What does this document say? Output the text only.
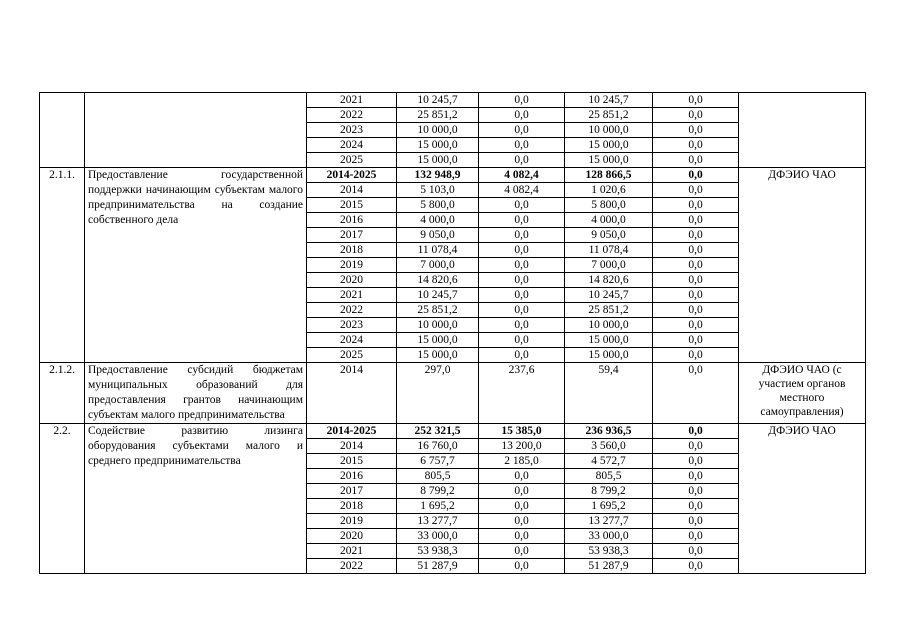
		2021	10 245,7	0,0	10 245,7	0,0	
		2022	25 851,2	0,0	25 851,2	0,0	
		2023	10 000,0	0,0	10 000,0	0,0	
		2024	15 000,0	0,0	15 000,0	0,0	
		2025	15 000,0	0,0	15 000,0	0,0	
2.1.1.	Предоставление государственной поддержки начинающим субъектам малого предпринимательства на создание собственного дела	2014-2025	132 948,9	4 082,4	128 866,5	0,0	ДФЭИО ЧАО
		2014	5 103,0	4 082,4	1 020,6	0,0	
		2015	5 800,0	0,0	5 800,0	0,0	
		2016	4 000,0	0,0	4 000,0	0,0	
		2017	9 050,0	0,0	9 050,0	0,0	
		2018	11 078,4	0,0	11 078,4	0,0	
		2019	7 000,0	0,0	7 000,0	0,0	
		2020	14 820,6	0,0	14 820,6	0,0	
		2021	10 245,7	0,0	10 245,7	0,0	
		2022	25 851,2	0,0	25 851,2	0,0	
		2023	10 000,0	0,0	10 000,0	0,0	
		2024	15 000,0	0,0	15 000,0	0,0	
		2025	15 000,0	0,0	15 000,0	0,0	
2.1.2.	Предоставление субсидий бюджетам муниципальных образований для предоставления грантов начинающим субъектам малого предпринимательства	2014	297,0	237,6	59,4	0,0	ДФЭИО ЧАО (с участием органов местного самоуправления)
2.2.	Содействие развитию лизинга оборудования субъектами малого и среднего предпринимательства	2014-2025	252 321,5	15 385,0	236 936,5	0,0	ДФЭИО ЧАО
		2014	16 760,0	13 200,0	3 560,0	0,0	
		2015	6 757,7	2 185,0	4 572,7	0,0	
		2016	805,5	0,0	805,5	0,0	
		2017	8 799,2	0,0	8 799,2	0,0	
		2018	1 695,2	0,0	1 695,2	0,0	
		2019	13 277,7	0,0	13 277,7	0,0	
		2020	33 000,0	0,0	33 000,0	0,0	
		2021	53 938,3	0,0	53 938,3	0,0	
		2022	51 287,9	0,0	51 287,9	0,0	
